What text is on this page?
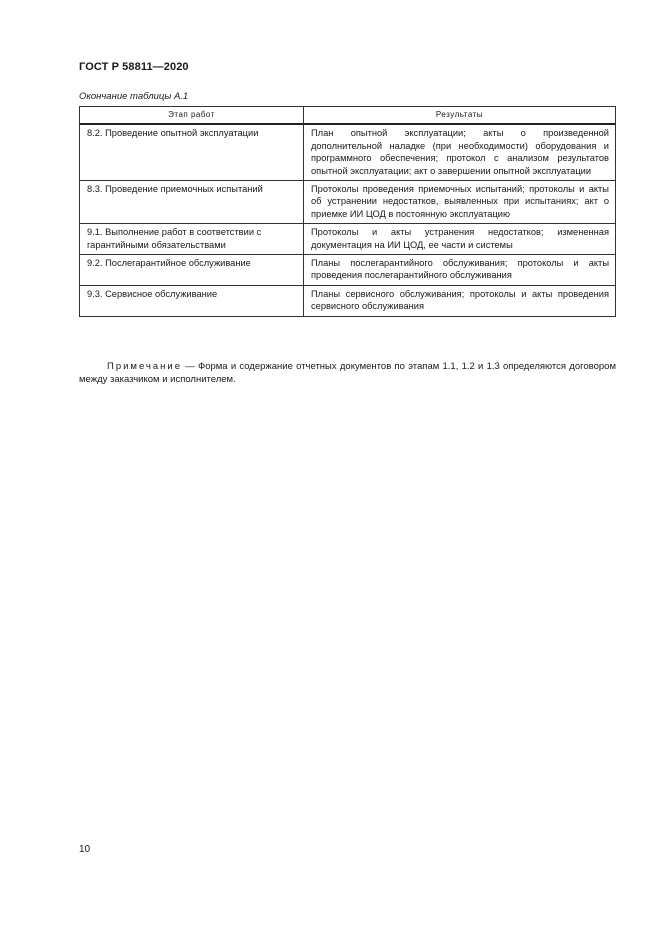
ГОСТ Р 58811—2020
Окончание таблицы А.1
Этап работ	Результаты
8.2. Проведение опытной эксплуатации	План опытной эксплуатации; акты о произведенной дополнительной наладке (при необходимости) оборудования и программного обеспечения; протокол с анализом результатов опытной эксплуатации; акт о завершении опытной эксплуатации
8.3. Проведение приемочных испытаний	Протоколы проведения приемочных испытаний; протоколы и акты об устранении недостатков, выявленных при испытаниях; акт о приемке ИИ ЦОД в постоянную эксплуатацию
9.1. Выполнение работ в соответствии с гарантийными обязательствами	Протоколы и акты устранения недостатков; измененная документация на ИИ ЦОД, ее части и системы
9.2. Послегарантийное обслуживание	Планы послегарантийного обслуживания; протоколы и акты проведения послегарантийного обслуживания
9.3. Сервисное обслуживание	Планы сервисного обслуживания; протоколы и акты проведения сервисного обслуживания
Примечание — Форма и содержание отчетных документов по этапам 1.1, 1.2 и 1.3 определяются договором между заказчиком и исполнителем.
10
